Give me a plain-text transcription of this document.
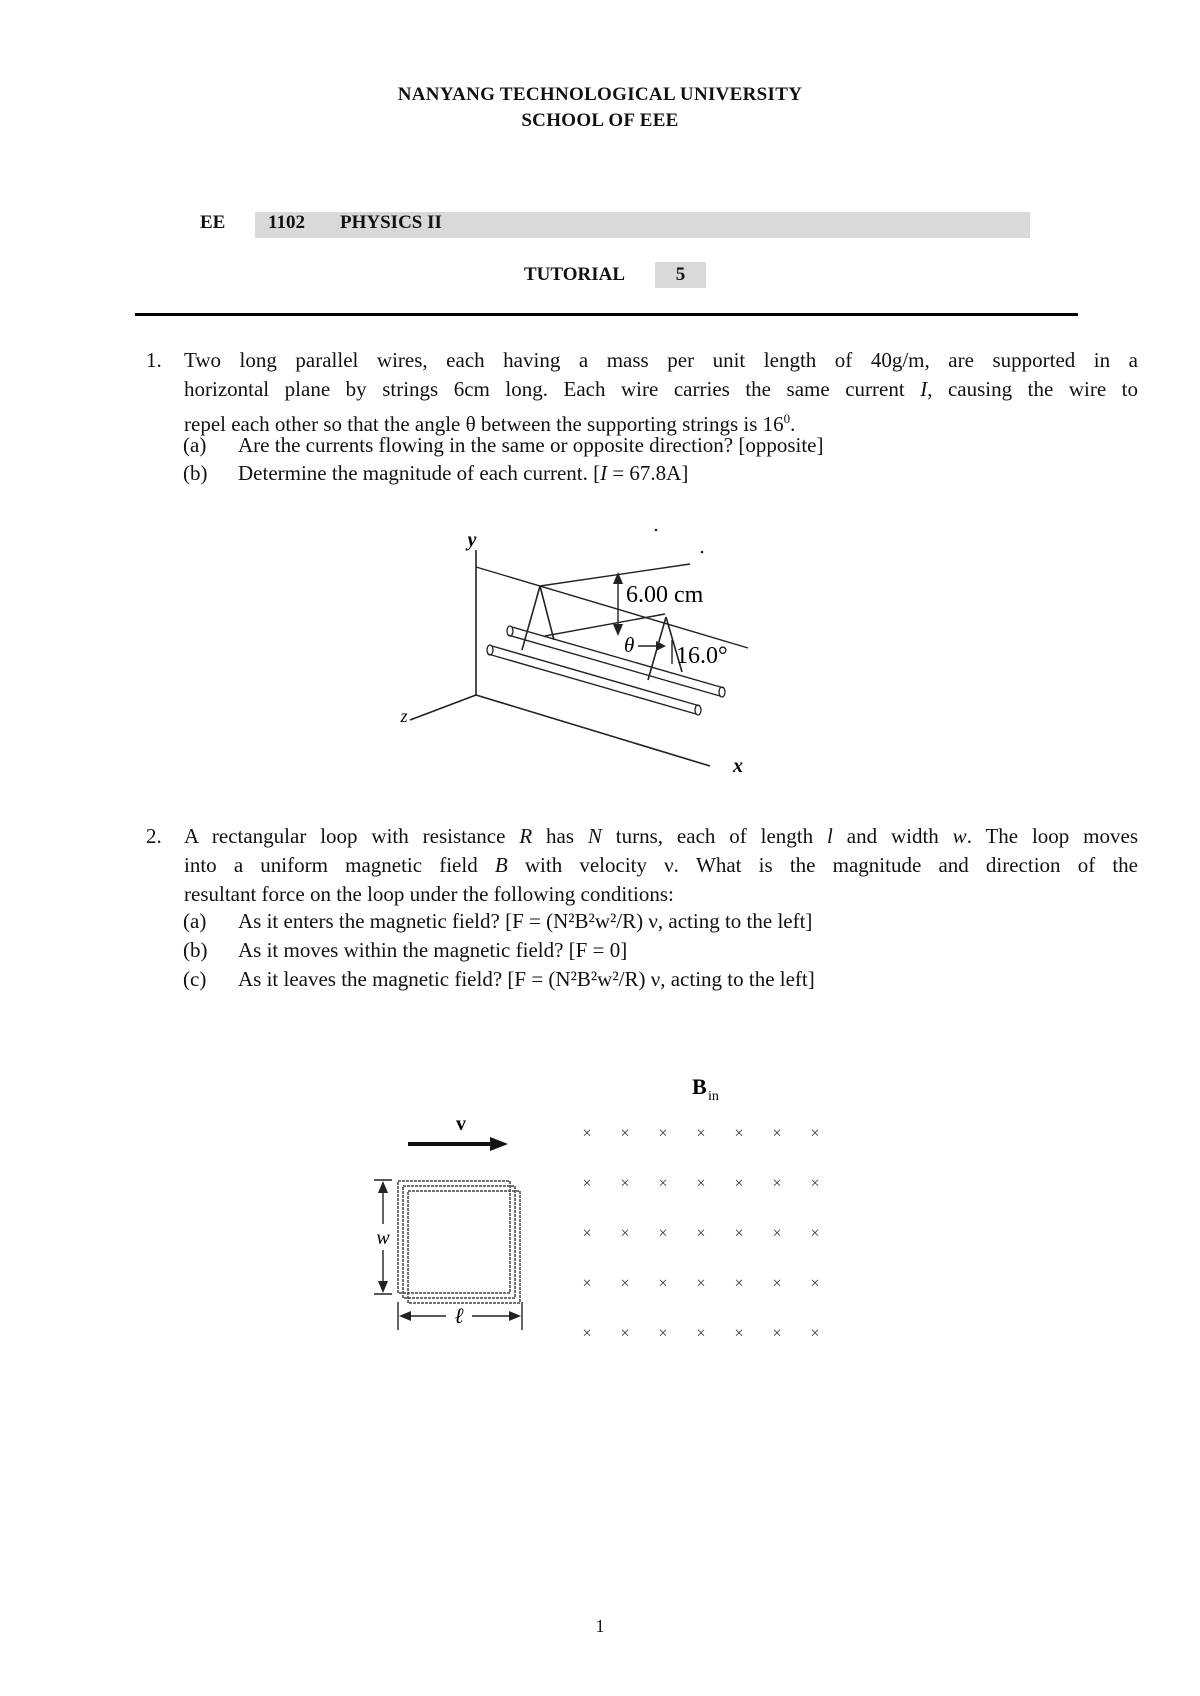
NANYANG TECHNOLOGICAL UNIVERSITY
SCHOOL OF EEE
EE 1102 PHYSICS II
TUTORIAL	5
1. Two long parallel wires, each having a mass per unit length of 40g/m, are supported in a
horizontal plane by strings 6cm long. Each wire carries the same current I, causing the wire to
repel each other so that the angle θ between the supporting strings is $16^0$.
(a) Are the currents flowing in the same or opposite direction? [opposite]
(b) Determine the magnitude of each current. [I = 67.8A]
y
z
x
6.00 cm
θ 16.0°
2. A rectangular loop with resistance R has N turns, each of length l and width w. The loop moves
into a uniform magnetic field B with velocity ν. What is the magnitude and direction of the
resultant force on the loop under the following conditions:
(a) As it enters the magnetic field? [F = (N²B²w²/R) ν, acting to the left]
(b) As it moves within the magnetic field? [F = 0]
(c) As it leaves the magnetic field? [F = (N²B²w²/R) ν, acting to the left]
B in
v
w
ℓ
× × × × × × ×
× × × × × × ×
× × × × × × ×
× × × × × × ×
× × × × × × ×
1
